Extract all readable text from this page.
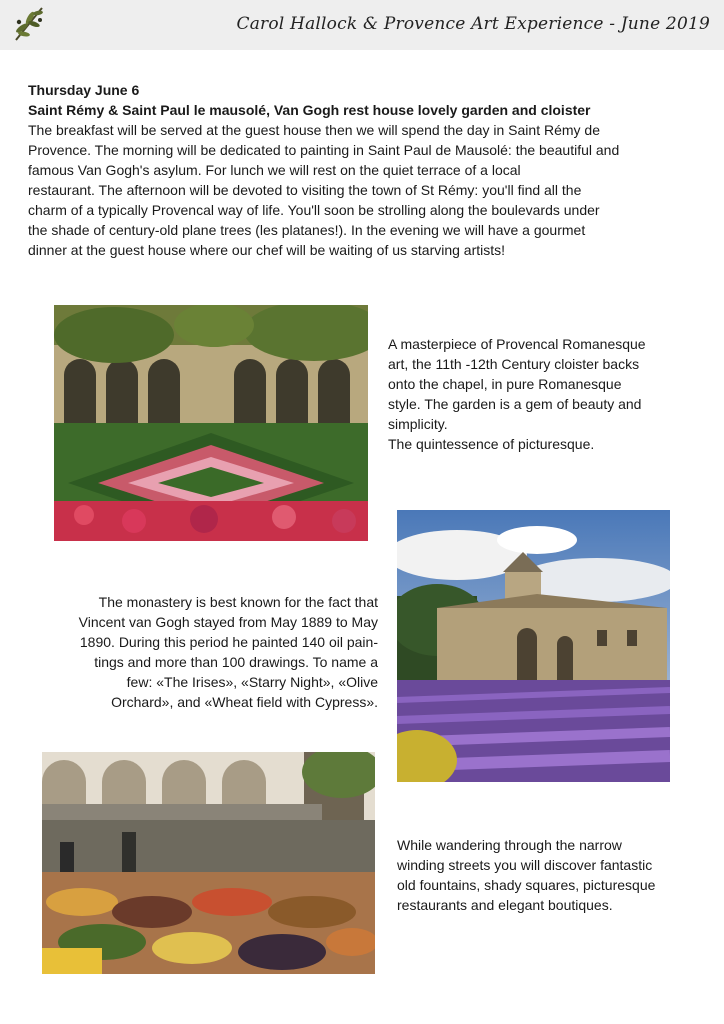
Carol Hallock & Provence Art Experience - June 2019
Thursday June 6
Saint Rémy & Saint Paul le mausolé, Van Gogh rest house lovely garden and cloister
The breakfast will be served at the guest house then we will spend the day in Saint Rémy de
Provence. The morning will be dedicated to painting in Saint Paul de Mausolé: the beautiful and
famous Van Gogh's asylum. For lunch we will rest on the quiet terrace of a local
restaurant. The afternoon will be devoted to visiting the town of St Rémy: you'll find all the
charm of a typically Provencal way of life. You'll soon be strolling along the boulevards under
the shade of century-old plane trees (les platanes!). In the evening we will have a gourmet
dinner at the guest house where our chef will be waiting of us starving artists!
A masterpiece of Provencal Romanesque
art, the 11th -12th Century cloister backs
onto the chapel, in pure Romanesque
style. The garden is a gem of beauty and
simplicity.
The quintessence of picturesque.
The monastery is best known for the fact that
Vincent van Gogh stayed from May 1889 to May
1890. During this period he painted 140 oil pain-
tings and more than 100 drawings. To name a
few: «The Irises», «Starry Night», «Olive
Orchard», and «Wheat field with Cypress».
While wandering through the narrow
winding streets you will discover fantastic
old fountains, shady squares, picturesque
restaurants and elegant boutiques.
